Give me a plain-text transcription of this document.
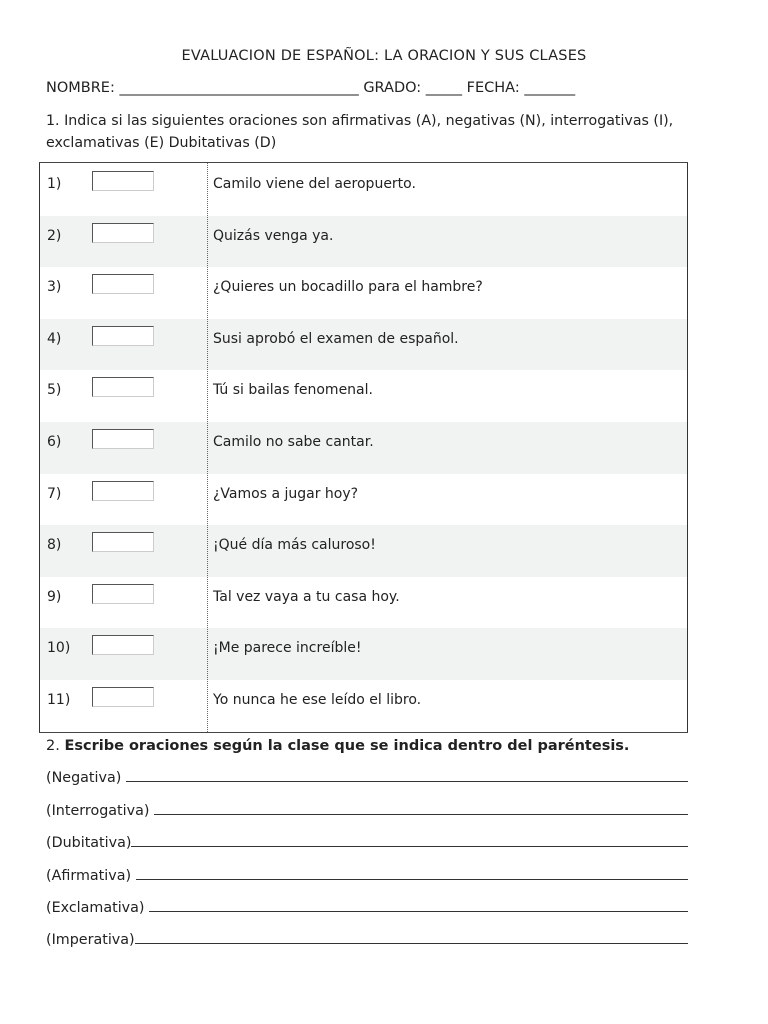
EVALUACION DE ESPAÑOL: LA ORACION Y SUS CLASES
NOMBRE: _________________________________ GRADO: _____ FECHA: _______
1. Indica si las siguientes oraciones son afirmativas (A), negativas (N), interrogativas (I), exclamativas (E) Dubitativas (D)
1)	Camilo viene del aeropuerto.
2)	Quizás venga ya.
3)	¿Quieres un bocadillo para el hambre?
4)	Susi aprobó el examen de español.
5)	Tú si bailas fenomenal.
6)	Camilo no sabe cantar.
7)	¿Vamos a jugar hoy?
8)	¡Qué día más caluroso!
9)	Tal vez vaya a tu casa hoy.
10)	¡Me parece increíble!
11)	Yo nunca he ese leído el libro.
2. Escribe oraciones según la clase que se indica dentro del paréntesis.
(Negativa)
(Interrogativa)
(Dubitativa)
(Afirmativa)
(Exclamativa)
(Imperativa)
